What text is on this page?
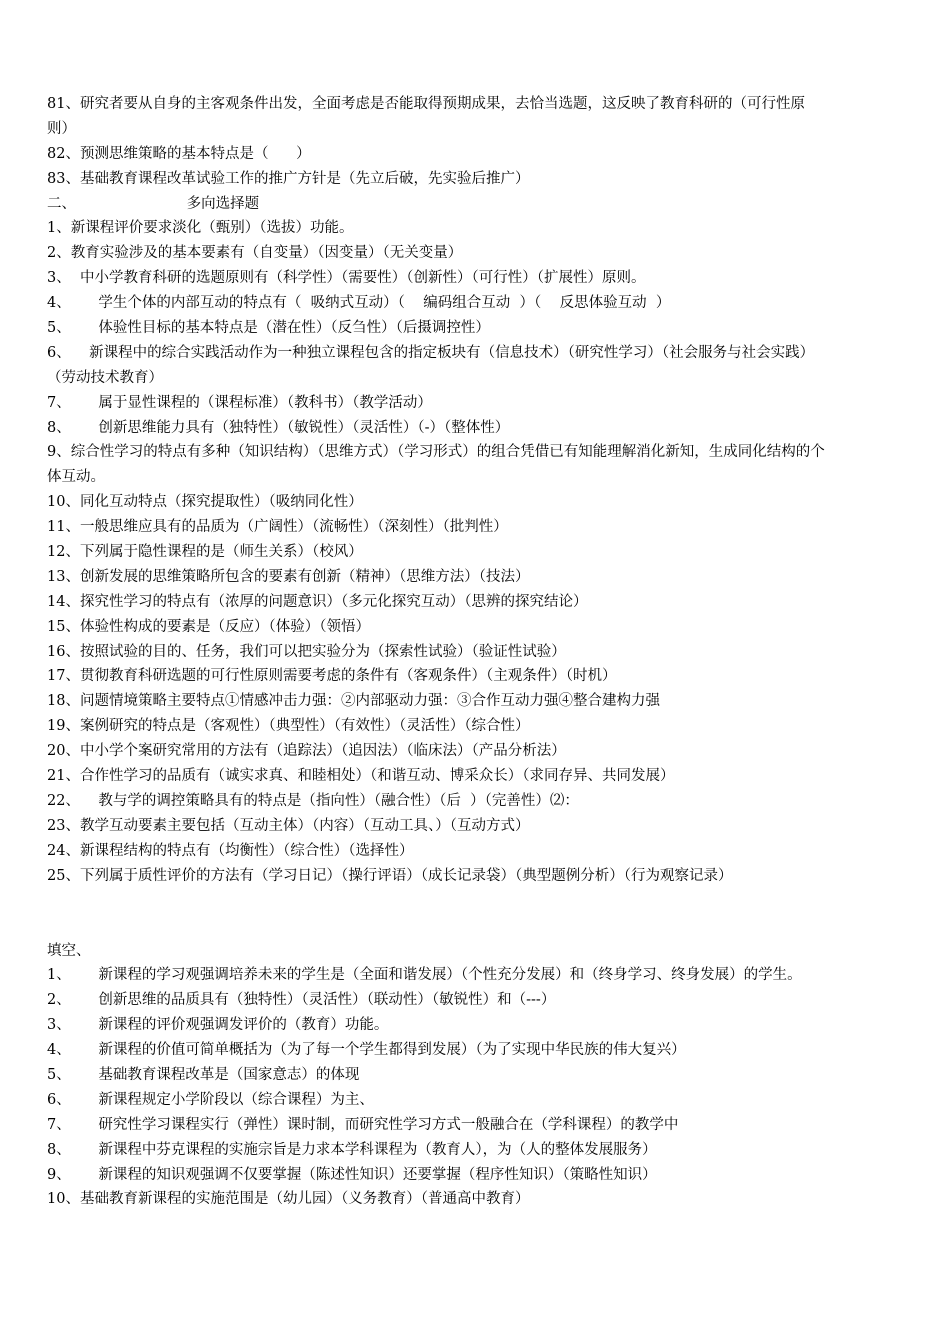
81、研究者要从自身的主客观条件出发，全面考虑是否能取得预期成果，去恰当选题，这反映了教育科研的（可行性原
则）
82、预测思维策略的基本特点是（      ）
83、基础教育课程改革试验工作的推广方针是（先立后破，先实验后推广）
二、                        多向选择题
1、新课程评价要求淡化（甄别）（选拔）功能。
2、教育实验涉及的基本要素有（自变量）（因变量）（无关变量）
3、  中小学教育科研的选题原则有（科学性）（需要性）（创新性）（可行性）（扩展性）原则。
4、      学生个体的内部互动的特点有（  吸纳式互动）（    编码组合互动  ）（    反思体验互动  ）
5、      体验性目标的基本特点是（潜在性）（反刍性）（后摄调控性）
6、    新课程中的综合实践活动作为一种独立课程包含的指定板块有（信息技术）（研究性学习）（社会服务与社会实践）
（劳动技术教育）
7、      属于显性课程的（课程标准）（教科书）（教学活动）
8、      创新思维能力具有（独特性）（敏锐性）（灵活性）（-）（整体性）
9、综合性学习的特点有多种（知识结构）（思维方式）（学习形式）的组合凭借已有知能理解消化新知，生成同化结构的个
体互动。
10、同化互动特点（探究提取性）（吸纳同化性）
11、一般思维应具有的品质为（广阔性）（流畅性）（深刻性）（批判性）
12、下列属于隐性课程的是（师生关系）（校风）
13、创新发展的思维策略所包含的要素有创新（精神）（思维方法）（技法）
14、探究性学习的特点有（浓厚的问题意识）（多元化探究互动）（思辨的探究结论）
15、体验性构成的要素是（反应）（体验）（领悟）
16、按照试验的目的、任务，我们可以把实验分为（探索性试验）（验证性试验）
17、贯彻教育科研选题的可行性原则需要考虑的条件有（客观条件）（主观条件）（时机）
18、问题情境策略主要特点①情感冲击力强：②内部驱动力强：③合作互动力强④整合建构力强
19、案例研究的特点是（客观性）（典型性）（有效性）（灵活性）（综合性）
20、中小学个案研究常用的方法有（追踪法）（追因法）（临床法）（产品分析法）
21、合作性学习的品质有（诚实求真、和睦相处）（和谐互动、博采众长）（求同存异、共同发展）
22、    教与学的调控策略具有的特点是（指向性）（融合性）（后  ）（完善性）⑵：
23、教学互动要素主要包括（互动主体）（内容）（互动工具、）（互动方式）
24、新课程结构的特点有（均衡性）（综合性）（选择性）
25、下列属于质性评价的方法有（学习日记）（操行评语）（成长记录袋）（典型题例分析）（行为观察记录）
填空、
1、      新课程的学习观强调培养未来的学生是（全面和谐发展）（个性充分发展）和（终身学习、终身发展）的学生。
2、      创新思维的品质具有（独特性）（灵活性）（联动性）（敏锐性）和（---）
3、      新课程的评价观强调发评价的（教育）功能。
4、      新课程的价值可简单概括为（为了每一个学生都得到发展）（为了实现中华民族的伟大复兴）
5、      基础教育课程改革是（国家意志）的体现
6、      新课程规定小学阶段以（综合课程）为主、
7、      研究性学习课程实行（弹性）课时制，而研究性学习方式一般融合在（学科课程）的教学中
8、      新课程中芬克课程的实施宗旨是力求本学科课程为（教育人），为（人的整体发展服务）
9、      新课程的知识观强调不仅要掌握（陈述性知识）还要掌握（程序性知识）（策略性知识）
10、基础教育新课程的实施范围是（幼儿园）（义务教育）（普通高中教育）
